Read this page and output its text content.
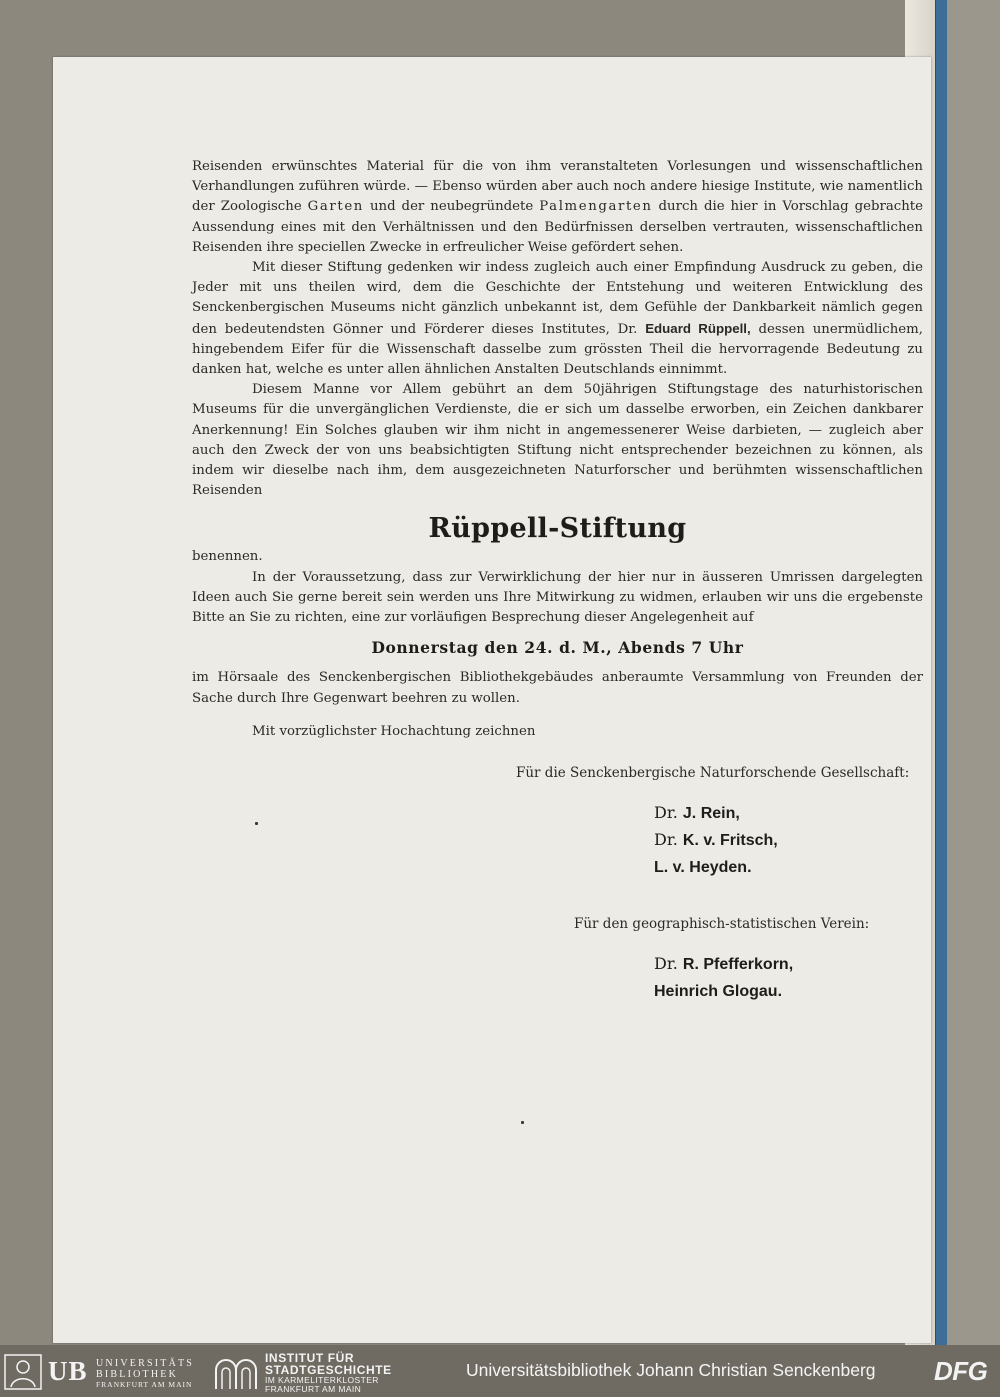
Reisenden erwünschtes Material für die von ihm veranstalteten Vorlesungen und wissenschaftlichen Verhandlungen zuführen würde. — Ebenso würden aber auch noch andere hiesige Institute, wie namentlich der Zoologische Garten und der neubegründete Palmengarten durch die hier in Vorschlag gebrachte Aussendung eines mit den Verhältnissen und den Bedürfnissen derselben vertrauten, wissenschaftlichen Reisenden ihre speciellen Zwecke in erfreulicher Weise gefördert sehen.

Mit dieser Stiftung gedenken wir indess zugleich auch einer Empfindung Ausdruck zu geben, die Jeder mit uns theilen wird, dem die Geschichte der Entstehung und weiteren Entwicklung des Senckenbergischen Museums nicht gänzlich unbekannt ist, dem Gefühle der Dankbarkeit nämlich gegen den bedeutendsten Gönner und Förderer dieses Institutes, Dr. Eduard Rüppell, dessen unermüdlichem, hingebendem Eifer für die Wissenschaft dasselbe zum grössten Theil die hervorragende Bedeutung zu danken hat, welche es unter allen ähnlichen Anstalten Deutschlands einnimmt.

Diesem Manne vor Allem gebührt an dem 50jährigen Stiftungstage des naturhistorischen Museums für die unvergänglichen Verdienste, die er sich um dasselbe erworben, ein Zeichen dankbarer Anerkennung! Ein Solches glauben wir ihm nicht in angemessenerer Weise darbieten, — zugleich aber auch den Zweck der von uns beabsichtigten Stiftung nicht entsprechender bezeichnen zu können, als indem wir dieselbe nach ihm, dem ausgezeichneten Naturforscher und berühmten wissenschaftlichen Reisenden

Rüppell-Stiftung

benennen.

In der Voraussetzung, dass zur Verwirklichung der hier nur in äusseren Umrissen dargelegten Ideen auch Sie gerne bereit sein werden uns Ihre Mitwirkung zu widmen, erlauben wir uns die ergebenste Bitte an Sie zu richten, eine zur vorläufigen Besprechung dieser Angelegenheit auf

Donnerstag den 24. d. M., Abends 7 Uhr

im Hörsaale des Senckenbergischen Bibliothekgebäudes anberaumte Versammlung von Freunden der Sache durch Ihre Gegenwart beehren zu wollen.

Mit vorzüglichster Hochachtung zeichnen

Für die Senckenbergische Naturforschende Gesellschaft:
Dr. J. Rein,
Dr. K. v. Fritsch,
L. v. Heyden.
Für den geographisch-statistischen Verein:
Dr. R. Pfefferkorn,
Heinrich Glogau.
UB UNIVERSITÄTS
BIBLIOTHEK
FRANKFURT AM MAIN
INSTITUT FÜR
STADTGESCHICHTE
IM KARMELITERKLOSTER
FRANKFURT AM MAIN
Universitätsbibliothek Johann Christian Senckenberg DFG
